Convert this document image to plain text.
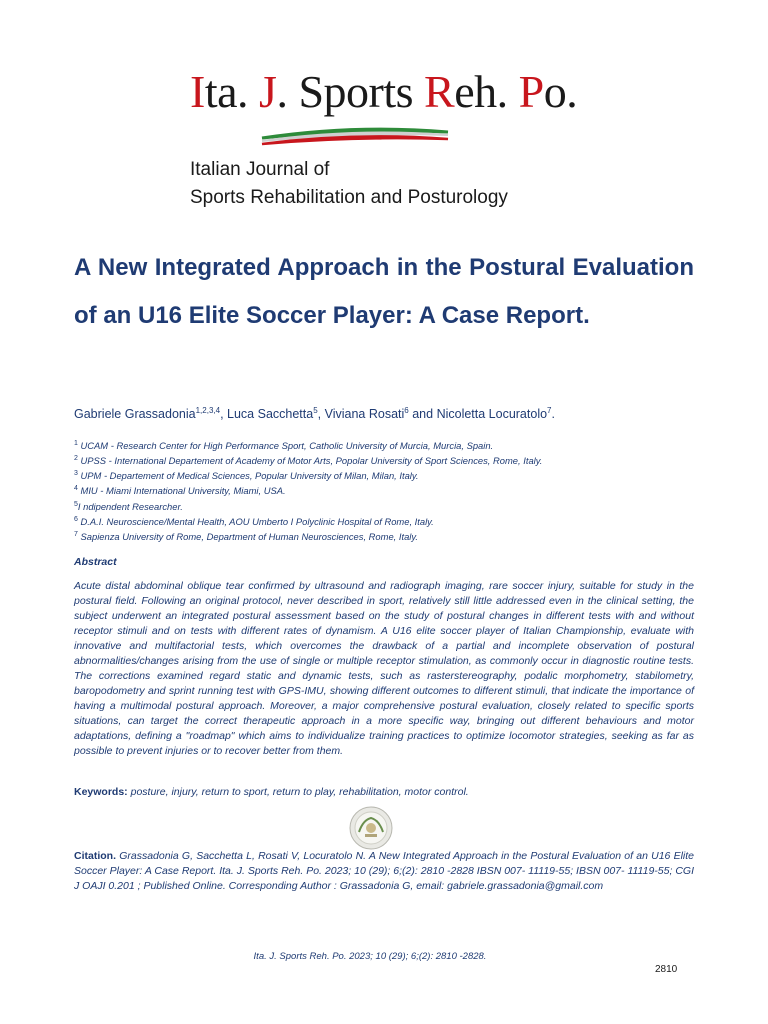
Ita. J. Sports Reh. Po.
Italian Journal of
Sports Rehabilitation and Posturology
A New Integrated Approach in the Postural Evaluation of an U16 Elite Soccer Player: A Case Report.
Gabriele Grassadonia$^{1,2,3,4}$, Luca Sacchetta$^5$, Viviana Rosati$^6$ and Nicoletta Locuratolo$^7$.
$^1$ UCAM - Research Center for High Performance Sport, Catholic University of Murcia, Murcia, Spain.
$^2$ UPSS - International Departement of Academy of Motor Arts, Popolar University of Sport Sciences, Rome, Italy.
$^3$ UPM - Departement of Medical Sciences, Popular University of Milan, Milan, Italy.
$^4$ MIU - Miami International University, Miami, USA.
$^5$I ndipendent Researcher.
$^6$ D.A.I. Neuroscience/Mental Health, AOU Umberto I Polyclinic Hospital of Rome, Italy.
$^7$ Sapienza University of Rome, Department of Human Neurosciences, Rome, Italy.
Abstract
Acute distal abdominal oblique tear confirmed by ultrasound and radiograph imaging, rare soccer injury, suitable for study in the postural field. Following an original protocol, never described in sport, relatively still little addressed even in the clinical setting, the subject underwent an integrated postural assessment based on the study of postural changes in different tests with and without receptor stimuli and on tests with different rates of dynamism. A U16 elite soccer player of Italian Championship, evaluate with innovative and multifactorial tests, which overcomes the drawback of a partial and incomplete observation of postural abnormalities/changes arising from the use of single or multiple receptor stimulation, as commonly occur in diagnostic routine tests. The corrections examined regard static and dynamic tests, such as rasterstereography, podalic morphometry, stabilometry, baropodometry and sprint running test with GPS-IMU, showing different outcomes to different stimuli, that indicate the importance of having a multimodal postural approach. Moreover, a major comprehensive postural evaluation, closely related to specific sports situations, can target the correct therapeutic approach in a more specific way, bringing out different behaviours and motor adaptations, defining a "roadmap" which aims to individualize training practices to optimize locomotor strategies, seeking as far as possible to prevent injuries or to recover better from them.
Keywords: posture, injury, return to sport, return to play, rehabilitation, motor control.
Citation. Grassadonia G, Sacchetta L, Rosati V, Locuratolo N. A New Integrated Approach in the Postural Evaluation of an U16 Elite Soccer Player: A Case Report. Ita. J. Sports Reh. Po. 2023; 10 (29); 6;(2): 2810 -2828 IBSN 007- 11119-55; IBSN 007- 11119-55; CGI J OAJI 0.201 ; Published Online. Corresponding Author : Grassadonia G, email: gabriele.grassadonia@gmail.com
Ita. J. Sports Reh. Po. 2023; 10 (29); 6;(2): 2810 -2828.
2810
